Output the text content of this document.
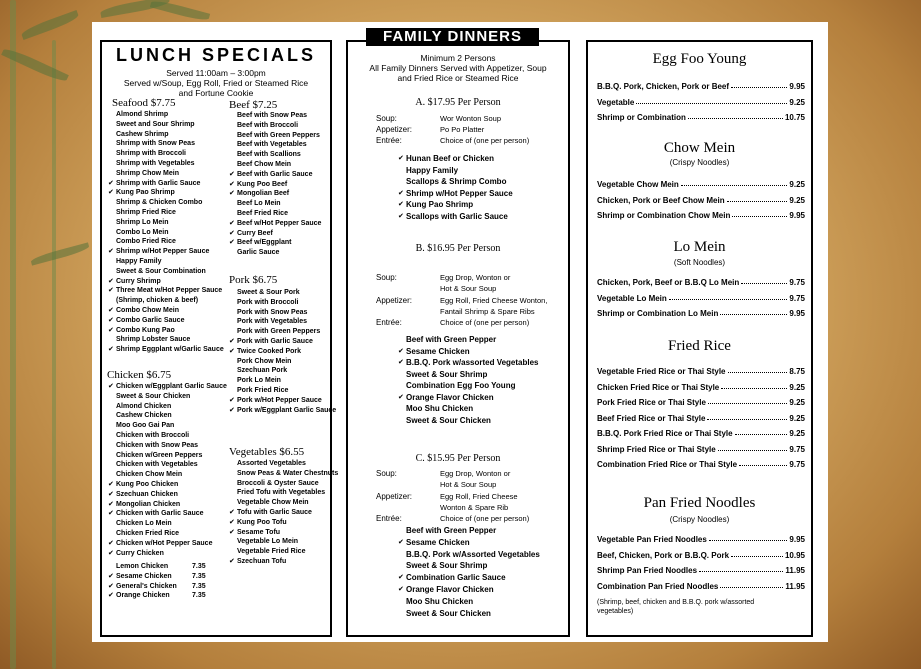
LUNCH SPECIALS
Served 11:00am – 3:00pm
Served w/Soup, Egg Roll, Fried or Steamed Rice
and Fortune Cookie
Seafood $7.75
Almond Shrimp
Sweet and Sour Shrimp
Cashew Shrimp
Shrimp with Snow Peas
Shrimp with Broccoli
Shrimp with Vegetables
Shrimp Chow Mein
Shrimp with Garlic Sauce
✔
Kung Pao Shrimp
✔
Shrimp & Chicken Combo
Shrimp Fried Rice
Shrimp Lo Mein
Combo Lo Mein
Combo Fried Rice
Shrimp w/Hot Pepper Sauce
✔
Happy Family
Sweet & Sour Combination
Curry Shrimp
✔
Three Meat w/Hot Pepper Sauce
✔
(Shrimp, chicken & beef)
Combo Chow Mein
✔
Combo Garlic Sauce
✔
Combo Kung Pao
✔
Shrimp Lobster Sauce
Shrimp Eggplant w/Garlic Sauce
✔
Beef $7.25
Beef with Snow Peas
Beef with Broccoli
Beef with Green Peppers
Beef with Vegetables
Beef with Scallions
Beef Chow Mein
Beef with Garlic Sauce
✔
Kung Poo Beef
✔
Mongolian Beef
✔
Beef Lo Mein
Beef Fried Rice
Beef w/Hot Pepper Sauce
✔
Curry Beef
✔
Beef w/Eggplant
✔
Garlic Sauce
Pork $6.75
Sweet & Sour Pork
Pork with Broccoli
Pork with Snow Peas
Pork with Vegetables
Pork with Green Peppers
Pork with Garlic Sauce
✔
Twice Cooked Pork
✔
Pork Chow Mein
Szechuan Pork
Pork Lo Mein
Pork Fried Rice
Pork w/Hot Pepper Sauce
✔
Pork w/Eggplant Garlic Sauce
✔
Chicken $6.75
Chicken w/Eggplant Garlic Sauce
✔
Sweet & Sour Chicken
Almond Chicken
Cashew Chicken
Moo Goo Gai Pan
Chicken with Broccoli
Chicken with Snow Peas
Chicken w/Green Peppers
Chicken with Vegetables
Chicken Chow Mein
Kung Poo Chicken
✔
Szechuan Chicken
✔
Mongolian Chicken
✔
Chicken with Garlic Sauce
✔
Chicken Lo Mein
Chicken Fried Rice
Chicken w/Hot Pepper Sauce
✔
Curry Chicken
✔
Lemon Chicken	7.35
Sesame Chicken	7.35
✔
General's Chicken 7.35
✔
Orange Chicken	7.35
✔
Vegetables $6.55
Assorted Vegetables
Snow Peas & Water Chestnuts
Broccoli & Oyster Sauce
Fried Tofu with Vegetables
Vegetable Chow Mein
Tofu with Garlic Sauce
✔
Kung Poo Tofu
✔
Sesame Tofu
✔
Vegetable Lo Mein
Vegetable Fried Rice
Szechuan Tofu
✔
FAMILY DINNERS
Minimum 2 Persons
All Family Dinners Served with Appetizer, Soup
and Fried Rice or Steamed Rice
A. $17.95 Per Person
Soup:	Wor Wonton Soup
Appetizer:	Po Po Platter
Entrée:	Choice of (one per person)
Hunan Beef or Chicken
✔
Happy Family
Scallops & Shrimp Combo
Shrimp w/Hot Pepper Sauce
✔
Kung Pao Shrimp
✔
Scallops with Garlic Sauce
✔
B. $16.95 Per Person
Soup:	Egg Drop, Wonton or
Hot & Sour Soup
Appetizer:	Egg Roll, Fried Cheese Wonton,
Fantail Shrimp & Spare Ribs
Entrée:	Choice of (one per person)
Beef with Green Pepper
Sesame Chicken
✔
B.B.Q. Pork w/assorted Vegetables
✔
Sweet & Sour Shrimp
Combination Egg Foo Young
Orange Flavor Chicken
✔
Moo Shu Chicken
Sweet & Sour Chicken
C. $15.95 Per Person
Soup:	Egg Drop, Wonton or
Hot & Sour Soup
Appetizer:	Egg Roll, Fried Cheese
Wonton & Spare Rib
Entrée:	Choice of (one per person)
Beef with Green Pepper
Sesame Chicken
✔
B.B.Q. Pork w/Assorted Vegetables
Sweet & Sour Shrimp
Combination Garlic Sauce
✔
Orange Flavor Chicken
✔
Moo Shu Chicken
Sweet & Sour Chicken
Egg Foo Young
B.B.Q. Pork, Chicken, Pork or Beef	9.95
Vegetable	9.25
Shrimp or Combination	10.75
Chow Mein
(Crispy Noodles)
Vegetable Chow Mein	9.25
Chicken, Pork or Beef Chow Mein	9.25
Shrimp or Combination Chow Mein	9.95
Lo Mein
(Soft Noodles)
Chicken, Pork, Beef or B.B.Q Lo Mein	9.75
Vegetable Lo Mein	9.75
Shrimp or Combination Lo Mein	9.95
Fried Rice
Vegetable Fried Rice or Thai Style	8.75
Chicken Fried Rice or Thai Style	9.25
Pork Fried Rice or Thai Style	9.25
Beef Fried Rice or Thai Style	9.25
B.B.Q. Pork Fried Rice or Thai Style	9.25
Shrimp Fried Rice or Thai Style	9.75
Combination Fried Rice or Thai Style	9.75
Pan Fried Noodles
(Crispy Noodles)
Vegetable Pan Fried Noodles	9.95
Beef, Chicken, Pork or B.B.Q. Pork	10.95
Shrimp Pan Fried Noodles	11.95
Combination Pan Fried Noodles	11.95
(Shrimp, beef, chicken and B.B.Q. pork w/assorted
vegetables)
